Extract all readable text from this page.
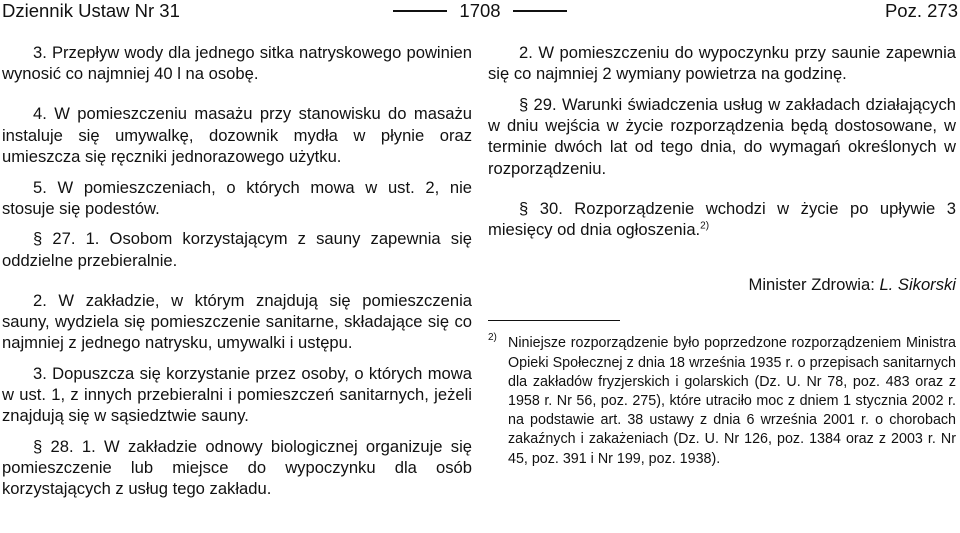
Dziennik Ustaw Nr 31	1708	Poz. 273

3. Przepływ wody dla jednego sitka natryskowego powinien wynosić co najmniej 40 l na osobę.

4. W pomieszczeniu masażu przy stanowisku do masażu instaluje się umywalkę, dozownik mydła w płynie oraz umieszcza się ręczniki jednorazowego użytku.

5. W pomieszczeniach, o których mowa w ust. 2, nie stosuje się podestów.

§ 27. 1. Osobom korzystającym z sauny zapewnia się oddzielne przebieralnie.

2. W zakładzie, w którym znajdują się pomieszczenia sauny, wydziela się pomieszczenie sanitarne, składające się co najmniej z jednego natrysku, umywalki i ustępu.

3. Dopuszcza się korzystanie przez osoby, o których mowa w ust. 1, z innych przebieralni i pomieszczeń sanitarnych, jeżeli znajdują się w sąsiedztwie sauny.

§ 28. 1. W zakładzie odnowy biologicznej organizuje się pomieszczenie lub miejsce do wypoczynku dla osób korzystających z usług tego zakładu.

2. W pomieszczeniu do wypoczynku przy saunie zapewnia się co najmniej 2 wymiany powietrza na godzinę.

§ 29. Warunki świadczenia usług w zakładach działających w dniu wejścia w życie rozporządzenia będą dostosowane, w terminie dwóch lat od tego dnia, do wymagań określonych w rozporządzeniu.

§ 30. Rozporządzenie wchodzi w życie po upływie 3 miesięcy od dnia ogłoszenia.$^{2)}$

Minister Zdrowia: L. Sikorski
2) Niniejsze rozporządzenie było poprzedzone rozporządzeniem Ministra Opieki Społecznej z dnia 18 września 1935 r. o przepisach sanitarnych dla zakładów fryzjerskich i golarskich (Dz. U. Nr 78, poz. 483 oraz z 1958 r. Nr 56, poz. 275), które utraciło moc z dniem 1 stycznia 2002 r. na podstawie art. 38 ustawy z dnia 6 września 2001 r. o chorobach zakaźnych i zakażeniach (Dz. U. Nr 126, poz. 1384 oraz z 2003 r. Nr 45, poz. 391 i Nr 199, poz. 1938).
